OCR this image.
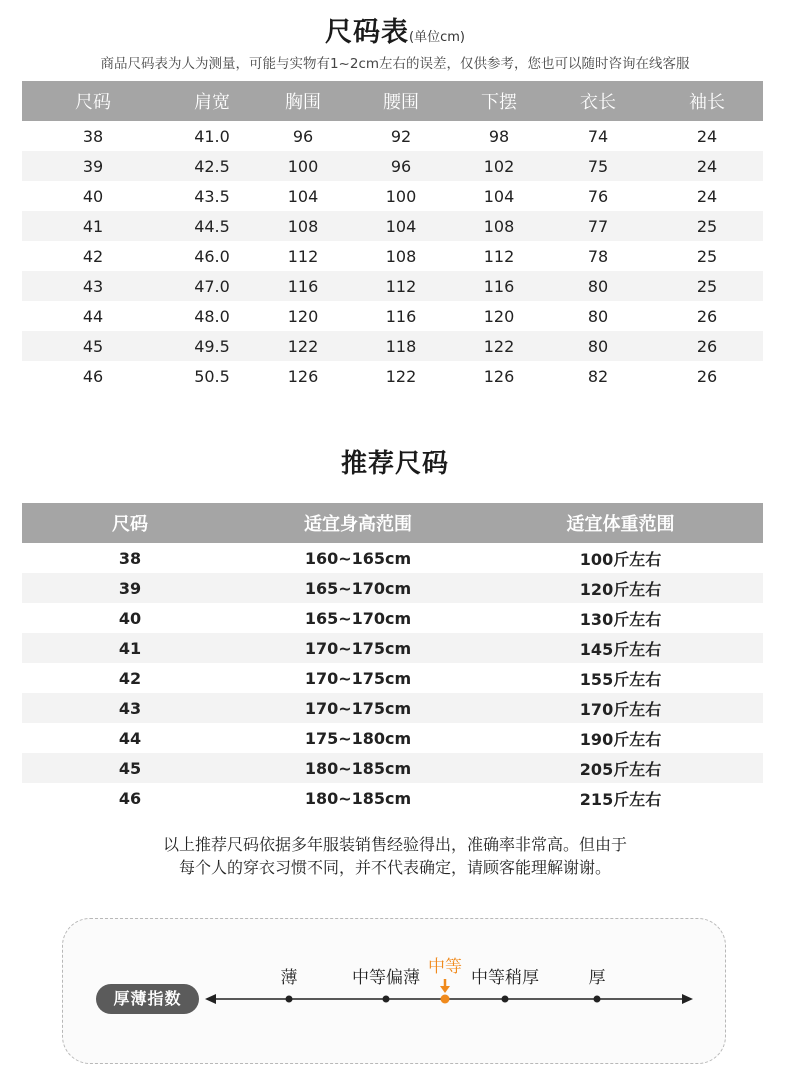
尺码表(单位cm)
商品尺码表为人为测量，可能与实物有1~2cm左右的误差，仅供参考，您也可以随时咨询在线客服
尺码	肩宽	胸围	腰围	下摆	衣长	袖长
38	41.0	96	92	98	74	24
39	42.5	100	96	102	75	24
40	43.5	104	100	104	76	24
41	44.5	108	104	108	77	25
42	46.0	112	108	112	78	25
43	47.0	116	112	116	80	25
44	48.0	120	116	120	80	26
45	49.5	122	118	122	80	26
46	50.5	126	122	126	82	26
推荐尺码
尺码	适宜身高范围	适宜体重范围
38	160~165cm	100斤左右
39	165~170cm	120斤左右
40	165~170cm	130斤左右
41	170~175cm	145斤左右
42	170~175cm	155斤左右
43	170~175cm	170斤左右
44	175~180cm	190斤左右
45	180~185cm	205斤左右
46	180~185cm	215斤左右
以上推荐尺码依据多年服装销售经验得出，准确率非常高。但由于
每个人的穿衣习惯不同，并不代表确定，请顾客能理解谢谢。
厚薄指数
薄	中等偏薄
中等
中等稍厚	厚
